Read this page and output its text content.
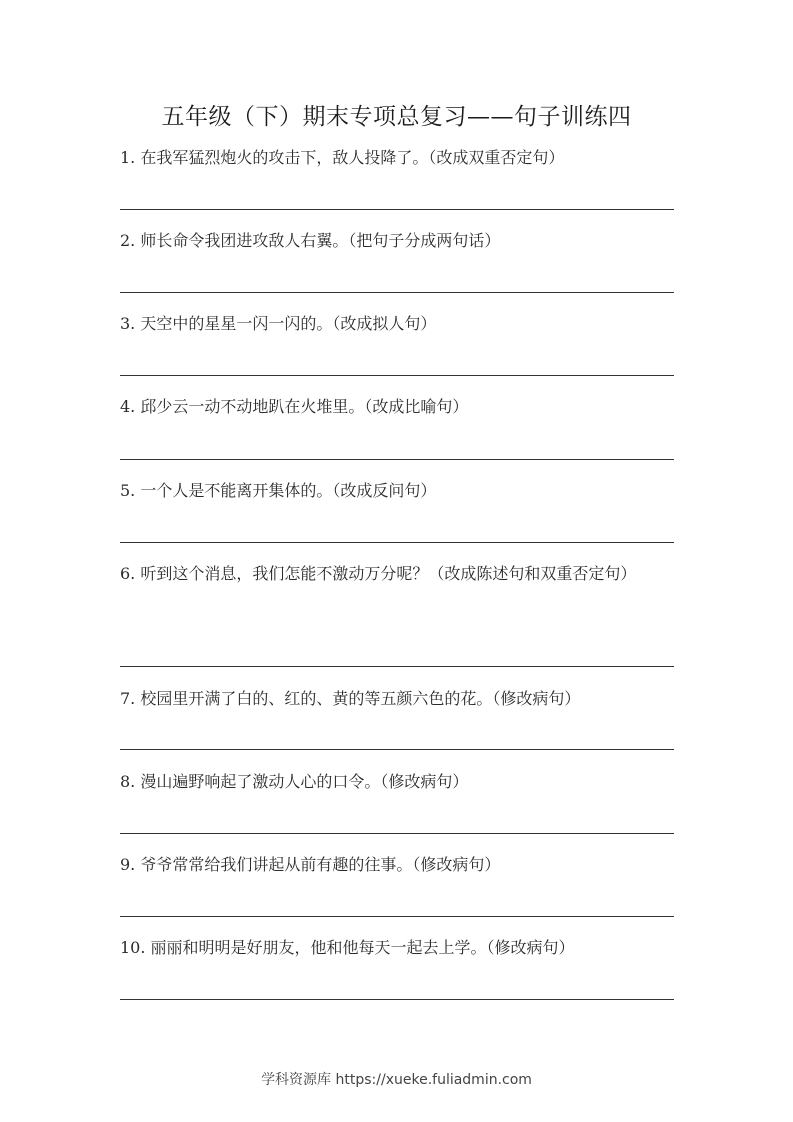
五年级（下）期末专项总复习——句子训练四
1. 在我军猛烈炮火的攻击下，敌人投降了。（改成双重否定句）
2. 师长命令我团进攻敌人右翼。（把句子分成两句话）
3. 天空中的星星一闪一闪的。（改成拟人句）
4. 邱少云一动不动地趴在火堆里。（改成比喻句）
5. 一个人是不能离开集体的。（改成反问句）
6. 听到这个消息，我们怎能不激动万分呢？（改成陈述句和双重否定句）
7. 校园里开满了白的、红的、黄的等五颜六色的花。（修改病句）
8. 漫山遍野响起了激动人心的口令。（修改病句）
9. 爷爷常常给我们讲起从前有趣的往事。（修改病句）
10. 丽丽和明明是好朋友，他和他每天一起去上学。（修改病句）
学科资源库 https://xueke.fuliadmin.com
